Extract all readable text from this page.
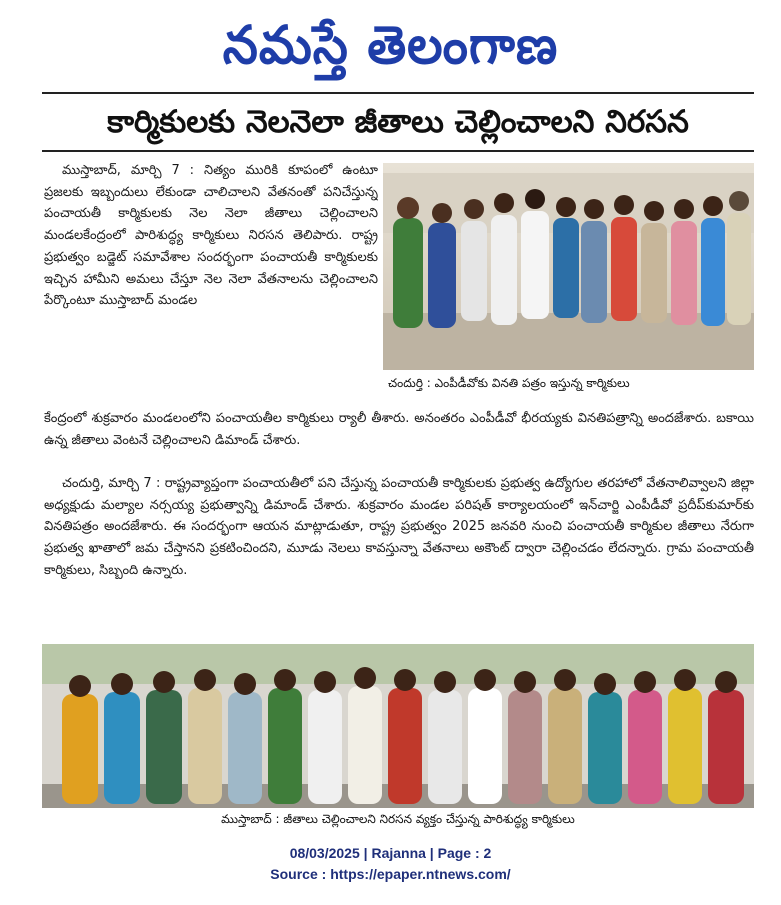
నమస్తే తెలంగాణ
కార్మికులకు నెలనెలా జీతాలు చెల్లించాలని నిరసన

ముస్తాబాద్‌, మార్చి 7 : నిత్యం మురికి కూపంలో ఉంటూ ప్రజలకు ఇబ్బందులు లేకుండా చాలిచాలని వేతనంతో పనిచేస్తున్న పంచాయతీ కార్మికులకు నెల నెలా జీతాలు చెల్లించాలని మండలకేంద్రంలో పారిశుద్ధ్య కార్మికులు నిరసన తెలిపారు. రాష్ట్ర ప్రభుత్వం బడ్జెట్‌ సమావేశాల సందర్భంగా పంచాయతీ కార్మికులకు ఇచ్చిన హామీని అమలు చేస్తూ నెల నెలా వేతనాలను చెల్లించాలని పేర్కొంటూ ముస్తాబాద్‌ మండల

చందుర్తి : ఎంపీడీవోకు వినతి పత్రం ఇస్తున్న కార్మికులు

కేంద్రంలో శుక్రవారం మండలంలోని పంచాయతీల కార్మికులు ర్యాలీ తీశారు. అనంతరం ఎంపీడీవో భీరయ్యకు వినతిపత్రాన్ని అందజేశారు. బకాయి ఉన్న జీతాలు వెంటనే చెల్లించాలని డిమాండ్‌ చేశారు.

చందుర్తి, మార్చి 7 : రాష్ట్రవ్యాప్తంగా పంచాయతీలో పని చేస్తున్న పంచాయతీ కార్మికులకు ప్రభుత్వ ఉద్యోగుల తరహాలో వేతనాలివ్వాలని జిల్లా అధ్యక్షుడు మల్యాల నర్సయ్య ప్రభుత్వాన్ని డిమాండ్‌ చేశారు. శుక్రవారం మండల పరిషత్‌ కార్యాలయంలో ఇన్‌చార్జి ఎంపీడీవో ప్రదీప్‌కుమార్‌కు వినతిపత్రం అందజేశారు. ఈ సందర్భంగా ఆయన మాట్లాడుతూ, రాష్ట్ర ప్రభుత్వం 2025 జనవరి నుంచి పంచాయతీ కార్మికుల జీతాలు నేరుగా ప్రభుత్వ ఖాతాలో జమ చేస్తానని ప్రకటించిందని, మూడు నెలలు కావస్తున్నా వేతనాలు అకౌంట్‌ ద్వారా చెల్లించడం లేదన్నారు. గ్రామ పంచాయతీ కార్మికులు, సిబ్బంది ఉన్నారు.

ముస్తాబాద్‌ : జీతాలు చెల్లించాలని నిరసన వ్యక్తం చేస్తున్న పారిశుద్ధ్య కార్మికులు
08/03/2025 | Rajanna | Page : 2
Source : https://epaper.ntnews.com/
